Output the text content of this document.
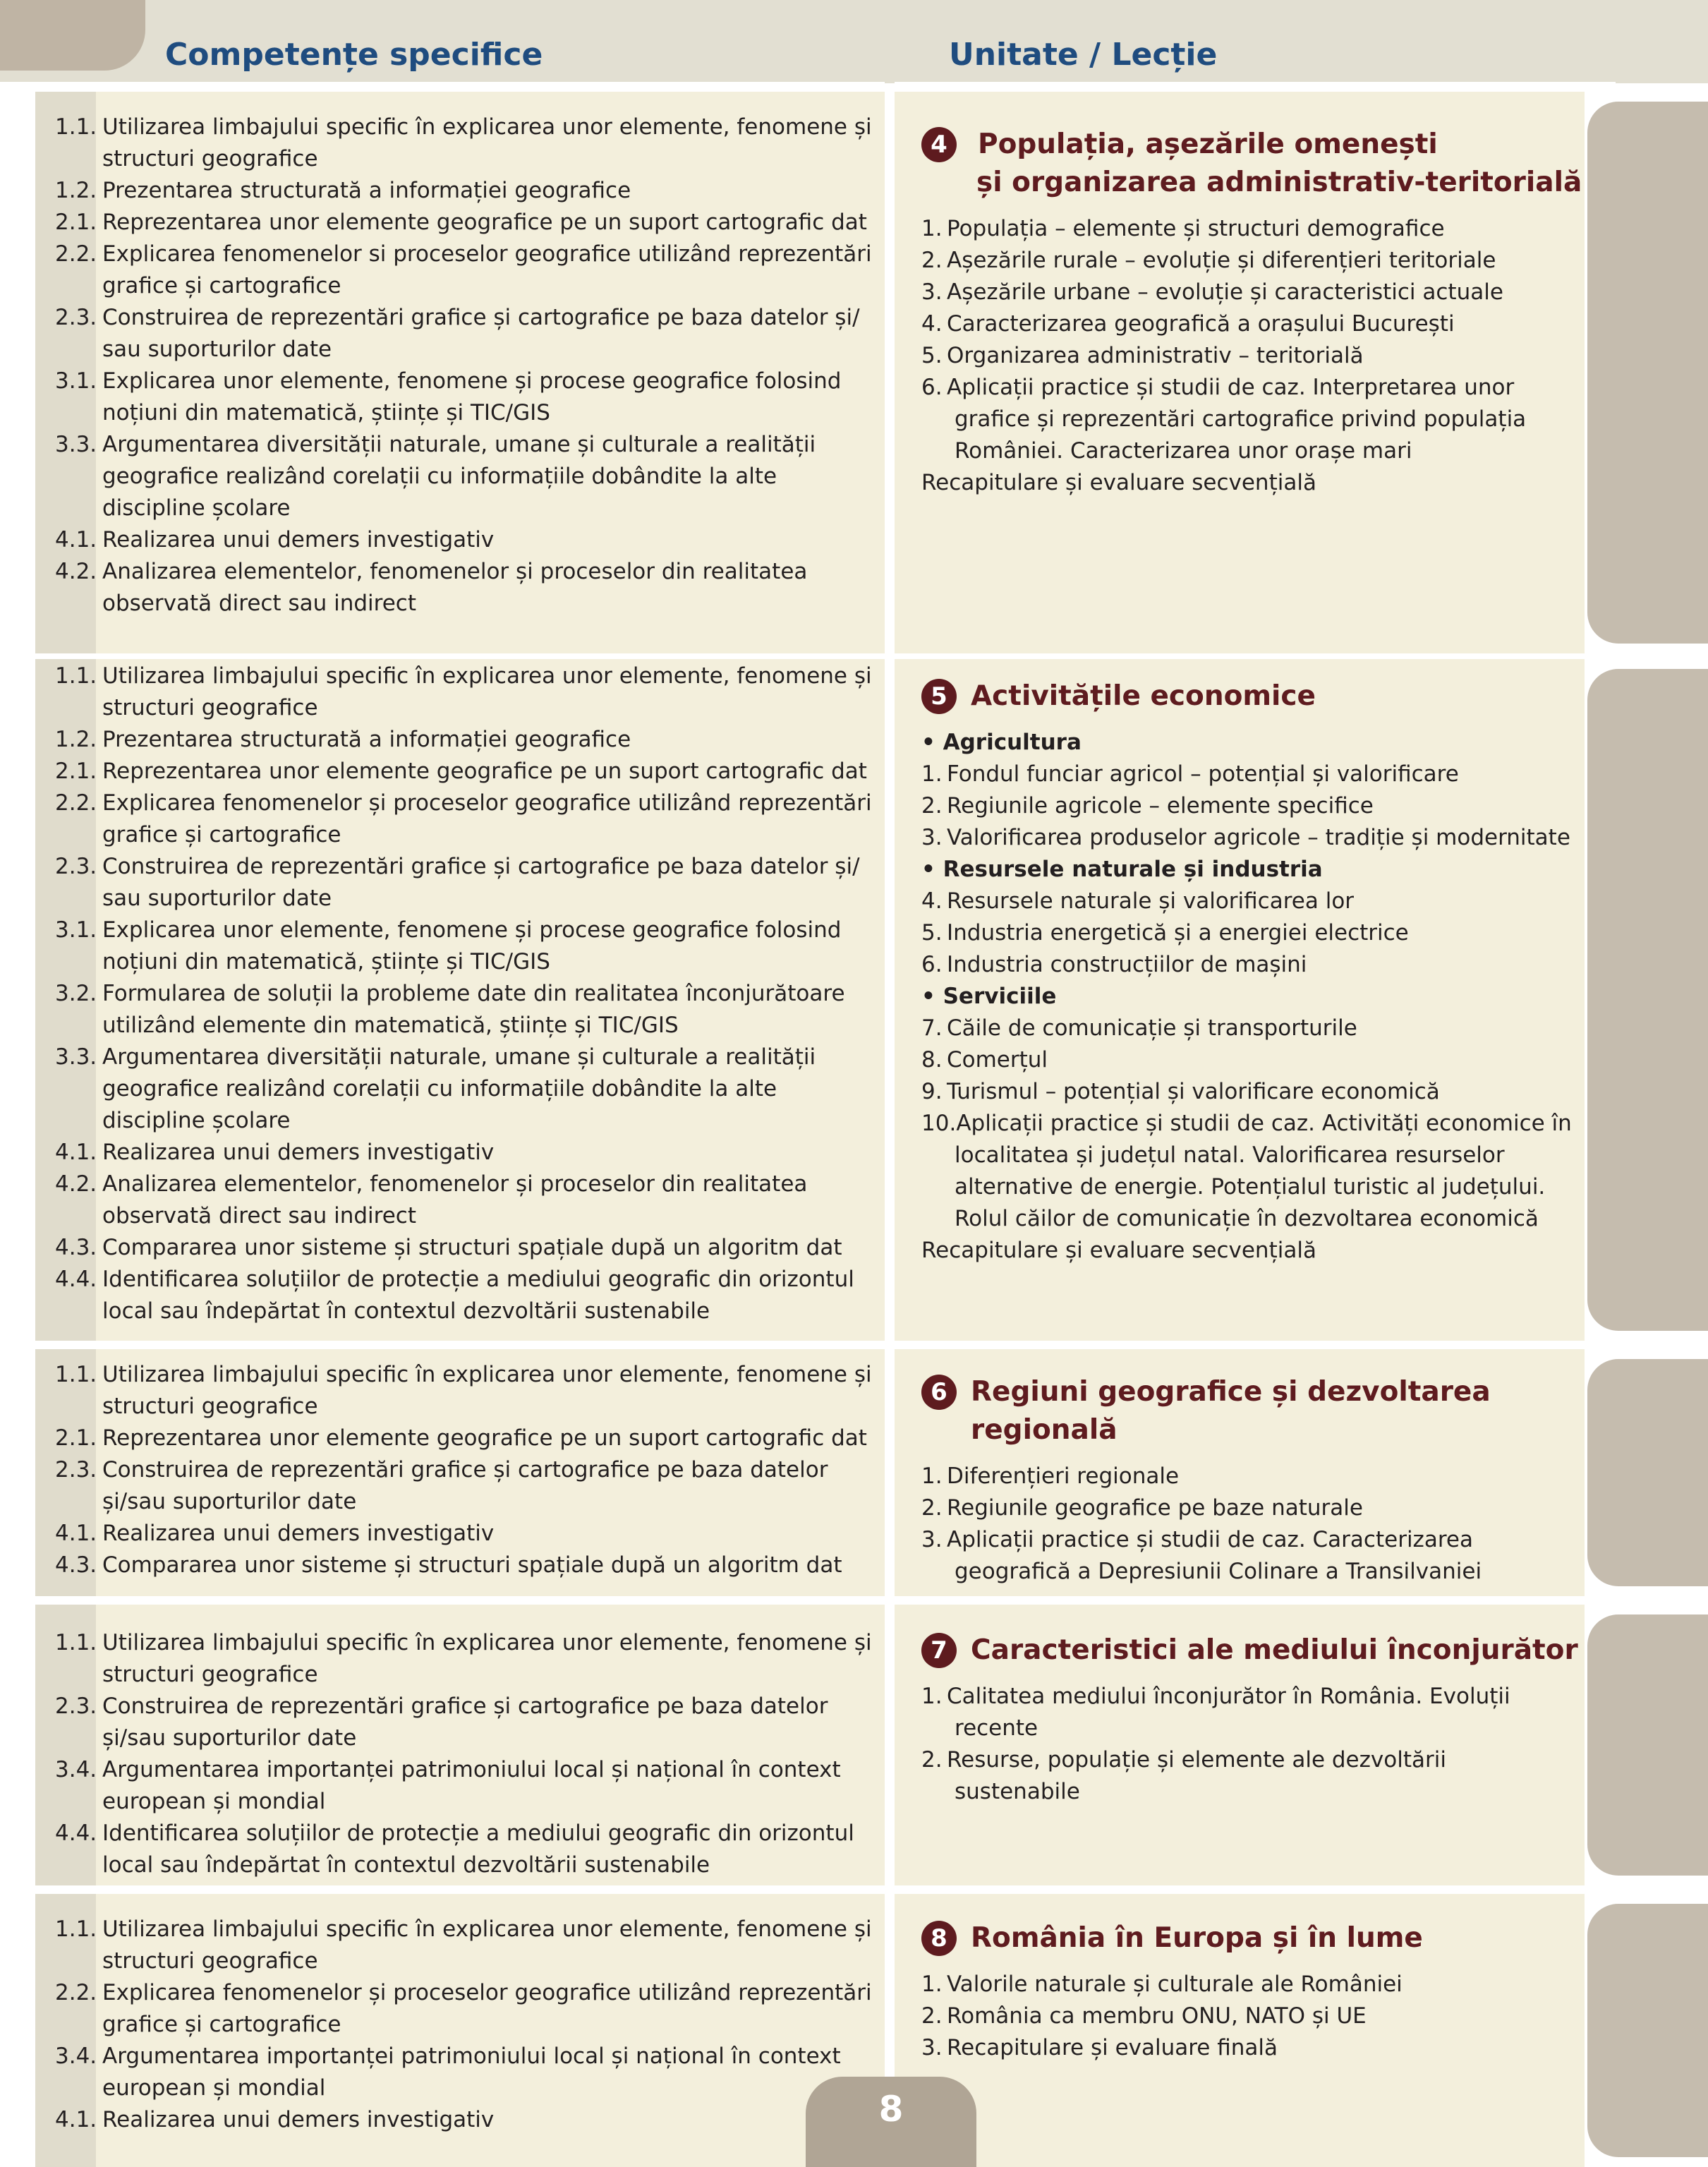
Competențe specifice	Unitate / Lecție
1.1. Utilizarea limbajului specific în explicarea unor elemente, fenomene și structuri geografice
1.2. Prezentarea structurată a informației geografice
2.1. Reprezentarea unor elemente geografice pe un suport cartografic dat
2.2. Explicarea fenomenelor si proceselor geografice utilizând reprezentări grafice și cartografice
2.3. Construirea de reprezentări grafice și cartografice pe baza datelor și/ sau suporturilor date
3.1. Explicarea unor elemente, fenomene și procese geografice folosind noțiuni din matematică, științe și TIC/GIS
3.3. Argumentarea diversității naturale, umane și culturale a realității geografice realizând corelații cu informațiile dobândite la alte discipline școlare
4.1. Realizarea unui demers investigativ
4.2. Analizarea elementelor, fenomenelor și proceselor din realitatea observată direct sau indirect
4	Populația, așezările omenești
și organizarea administrativ-teritorială
1. Populația – elemente și structuri demografice
2. Așezările rurale – evoluție și diferențieri teritoriale
3. Așezările urbane – evoluție și caracteristici actuale
4. Caracterizarea geografică a orașului București
5. Organizarea administrativ – teritorială
6. Aplicații practice și studii de caz. Interpretarea unor grafice și reprezentări cartografice privind populația României. Caracterizarea unor orașe mari
Recapitulare și evaluare secvențială
1.1. Utilizarea limbajului specific în explicarea unor elemente, fenomene și structuri geografice
1.2. Prezentarea structurată a informației geografice
2.1. Reprezentarea unor elemente geografice pe un suport cartografic dat
2.2. Explicarea fenomenelor și proceselor geografice utilizând reprezentări grafice și cartografice
2.3. Construirea de reprezentări grafice și cartografice pe baza datelor și/ sau suporturilor date
3.1. Explicarea unor elemente, fenomene și procese geografice folosind noțiuni din matematică, științe și TIC/GIS
3.2. Formularea de soluții la probleme date din realitatea înconjurătoare utilizând elemente din matematică, științe și TIC/GIS
3.3. Argumentarea diversității naturale, umane și culturale a realității geografice realizând corelații cu informațiile dobândite la alte discipline școlare
4.1. Realizarea unui demers investigativ
4.2. Analizarea elementelor, fenomenelor și proceselor din realitatea observată direct sau indirect
4.3. Compararea unor sisteme și structuri spațiale după un algoritm dat
4.4. Identificarea soluțiilor de protecție a mediului geografic din orizontul local sau îndepărtat în contextul dezvoltării sustenabile
5 Activitățile economice
• Agricultura
1. Fondul funciar agricol – potențial și valorificare
2. Regiunile agricole – elemente specifice
3. Valorificarea produselor agricole – tradiție și modernitate
• Resursele naturale și industria
4. Resursele naturale și valorificarea lor
5. Industria energetică și a energiei electrice
6. Industria construcțiilor de mașini
• Serviciile
7. Căile de comunicație și transporturile
8. Comerțul
9. Turismul – potențial și valorificare economică
10.Aplicații practice și studii de caz. Activități economice în localitatea și județul natal. Valorificarea resurselor alternative de energie. Potențialul turistic al județului. Rolul căilor de comunicație în dezvoltarea economică
Recapitulare și evaluare secvențială
1.1. Utilizarea limbajului specific în explicarea unor elemente, fenomene și structuri geografice
2.1. Reprezentarea unor elemente geografice pe un suport cartografic dat
2.3. Construirea de reprezentări grafice și cartografice pe baza datelor și/sau suporturilor date
4.1. Realizarea unui demers investigativ
4.3. Compararea unor sisteme și structuri spațiale după un algoritm dat
6 Regiuni geografice și dezvoltarea
regională
1. Diferențieri regionale
2. Regiunile geografice pe baze naturale
3. Aplicații practice și studii de caz. Caracterizarea geografică a Depresiunii Colinare a Transilvaniei
1.1. Utilizarea limbajului specific în explicarea unor elemente, fenomene și structuri geografice
2.3. Construirea de reprezentări grafice și cartografice pe baza datelor și/sau suporturilor date
3.4. Argumentarea importanței patrimoniului local și național în context european și mondial
4.4. Identificarea soluțiilor de protecție a mediului geografic din orizontul local sau îndepărtat în contextul dezvoltării sustenabile
7 Caracteristici ale mediului înconjurător
1. Calitatea mediului înconjurător în România. Evoluții recente
2. Resurse, populație și elemente ale dezvoltării sustenabile
1.1. Utilizarea limbajului specific în explicarea unor elemente, fenomene și structuri geografice
2.2. Explicarea fenomenelor și proceselor geografice utilizând reprezentări grafice și cartografice
3.4. Argumentarea importanței patrimoniului local și național în context european și mondial
4.1. Realizarea unui demers investigativ
8 România în Europa și în lume
1. Valorile naturale și culturale ale României
2. România ca membru ONU, NATO și UE
3. Recapitulare și evaluare finală

8
